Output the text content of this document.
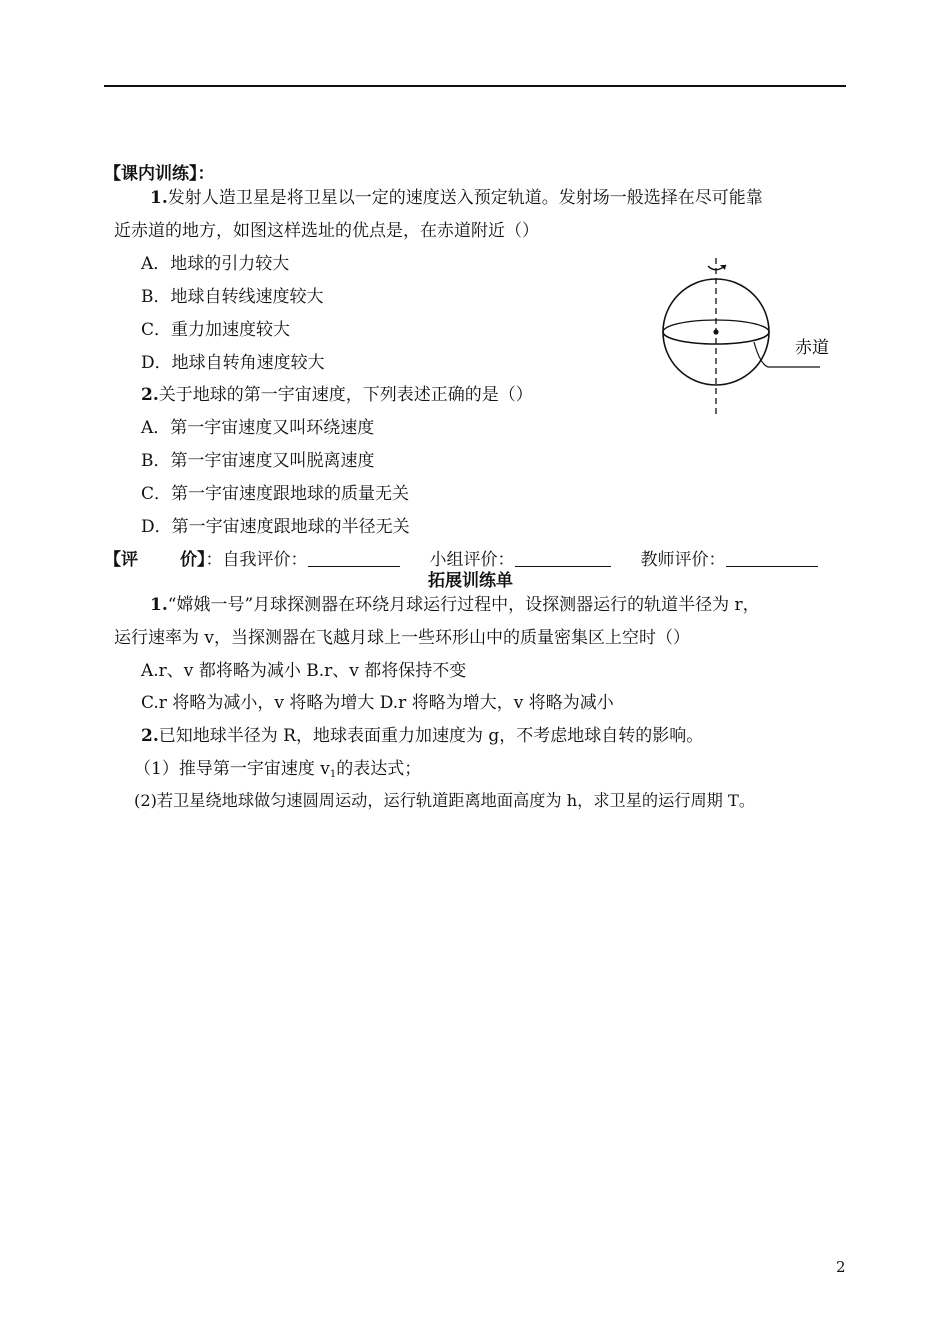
【课内训练】：
1.发射人造卫星是将卫星以一定的速度送入预定轨道。发射场一般选择在尽可能靠
近赤道的地方，如图这样选址的优点是，在赤道附近（）
A．地球的引力较大
B．地球自转线速度较大
C．重力加速度较大
D．地球自转角速度较大
2.关于地球的第一宇宙速度，下列表述正确的是（）
A．第一宇宙速度又叫环绕速度
B．第一宇宙速度又叫脱离速度
C．第一宇宙速度跟地球的质量无关
D．第一宇宙速度跟地球的半径无关
赤道
【评 价】：自我评价：	小组评价：	教师评价：
拓展训练单
1.“嫦娥一号”月球探测器在环绕月球运行过程中，设探测器运行的轨道半径为 r，
运行速率为 v，当探测器在飞越月球上一些环形山中的质量密集区上空时（）
A.r、v 都将略为减小 B.r、v 都将保持不变
C.r 将略为减小，v 将略为增大 D.r 将略为增大，v 将略为减小
2.已知地球半径为 R，地球表面重力加速度为 g，不考虑地球自转的影响。
（1）推导第一宇宙速度 $v_1$的表达式；
(2)若卫星绕地球做匀速圆周运动，运行轨道距离地面高度为 h，求卫星的运行周期 T。
2
